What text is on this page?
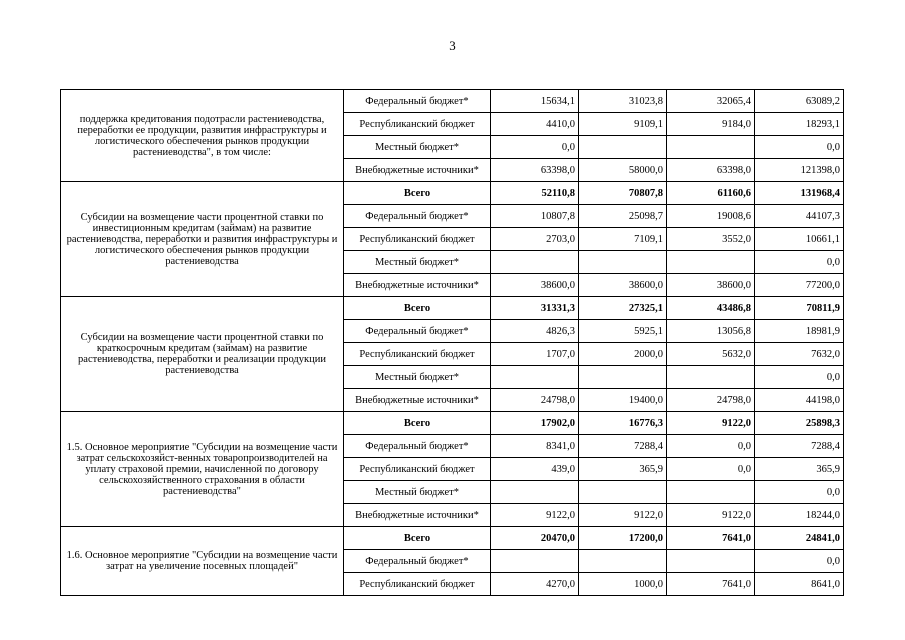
3
поддержка кредитования подотрасли растениеводства, переработки ее продукции, развития инфраструктуры и логистического обеспечения рынков продукции растениеводства", в том числе:	Федеральный бюджет*	15634,1	31023,8	32065,4	63089,2
	Республиканский бюджет	4410,0	9109,1	9184,0	18293,1
	Местный бюджет*	0,0			0,0
	Внебюджетные источники*	63398,0	58000,0	63398,0	121398,0
Субсидии на возмещение части процентной ставки по инвестиционным кредитам (займам) на развитие растениеводства, переработки и развития инфраструктуры и логистического обеспечения рынков продукции растениеводства	Всего	52110,8	70807,8	61160,6	131968,4
	Федеральный бюджет*	10807,8	25098,7	19008,6	44107,3
	Республиканский бюджет	2703,0	7109,1	3552,0	10661,1
	Местный бюджет*				0,0
	Внебюджетные источники*	38600,0	38600,0	38600,0	77200,0
Субсидии на возмещение части процентной ставки по краткосрочным кредитам (займам) на развитие растениеводства, переработки и реализации продукции растениеводства	Всего	31331,3	27325,1	43486,8	70811,9
	Федеральный бюджет*	4826,3	5925,1	13056,8	18981,9
	Республиканский бюджет	1707,0	2000,0	5632,0	7632,0
	Местный бюджет*				0,0
	Внебюджетные источники*	24798,0	19400,0	24798,0	44198,0
1.5. Основное мероприятие "Субсидии на возмещение части затрат сельскохозяйст-венных товаропроизводителей на уплату страховой премии, начисленной по договору сельскохозяйственного страхования в области растениеводства"	Всего	17902,0	16776,3	9122,0	25898,3
	Федеральный бюджет*	8341,0	7288,4	0,0	7288,4
	Республиканский бюджет	439,0	365,9	0,0	365,9
	Местный бюджет*				0,0
	Внебюджетные источники*	9122,0	9122,0	9122,0	18244,0
1.6. Основное мероприятие "Субсидии на возмещение части затрат на увеличение посевных площадей"	Всего	20470,0	17200,0	7641,0	24841,0
	Федеральный бюджет*				0,0
	Республиканский бюджет	4270,0	1000,0	7641,0	8641,0
